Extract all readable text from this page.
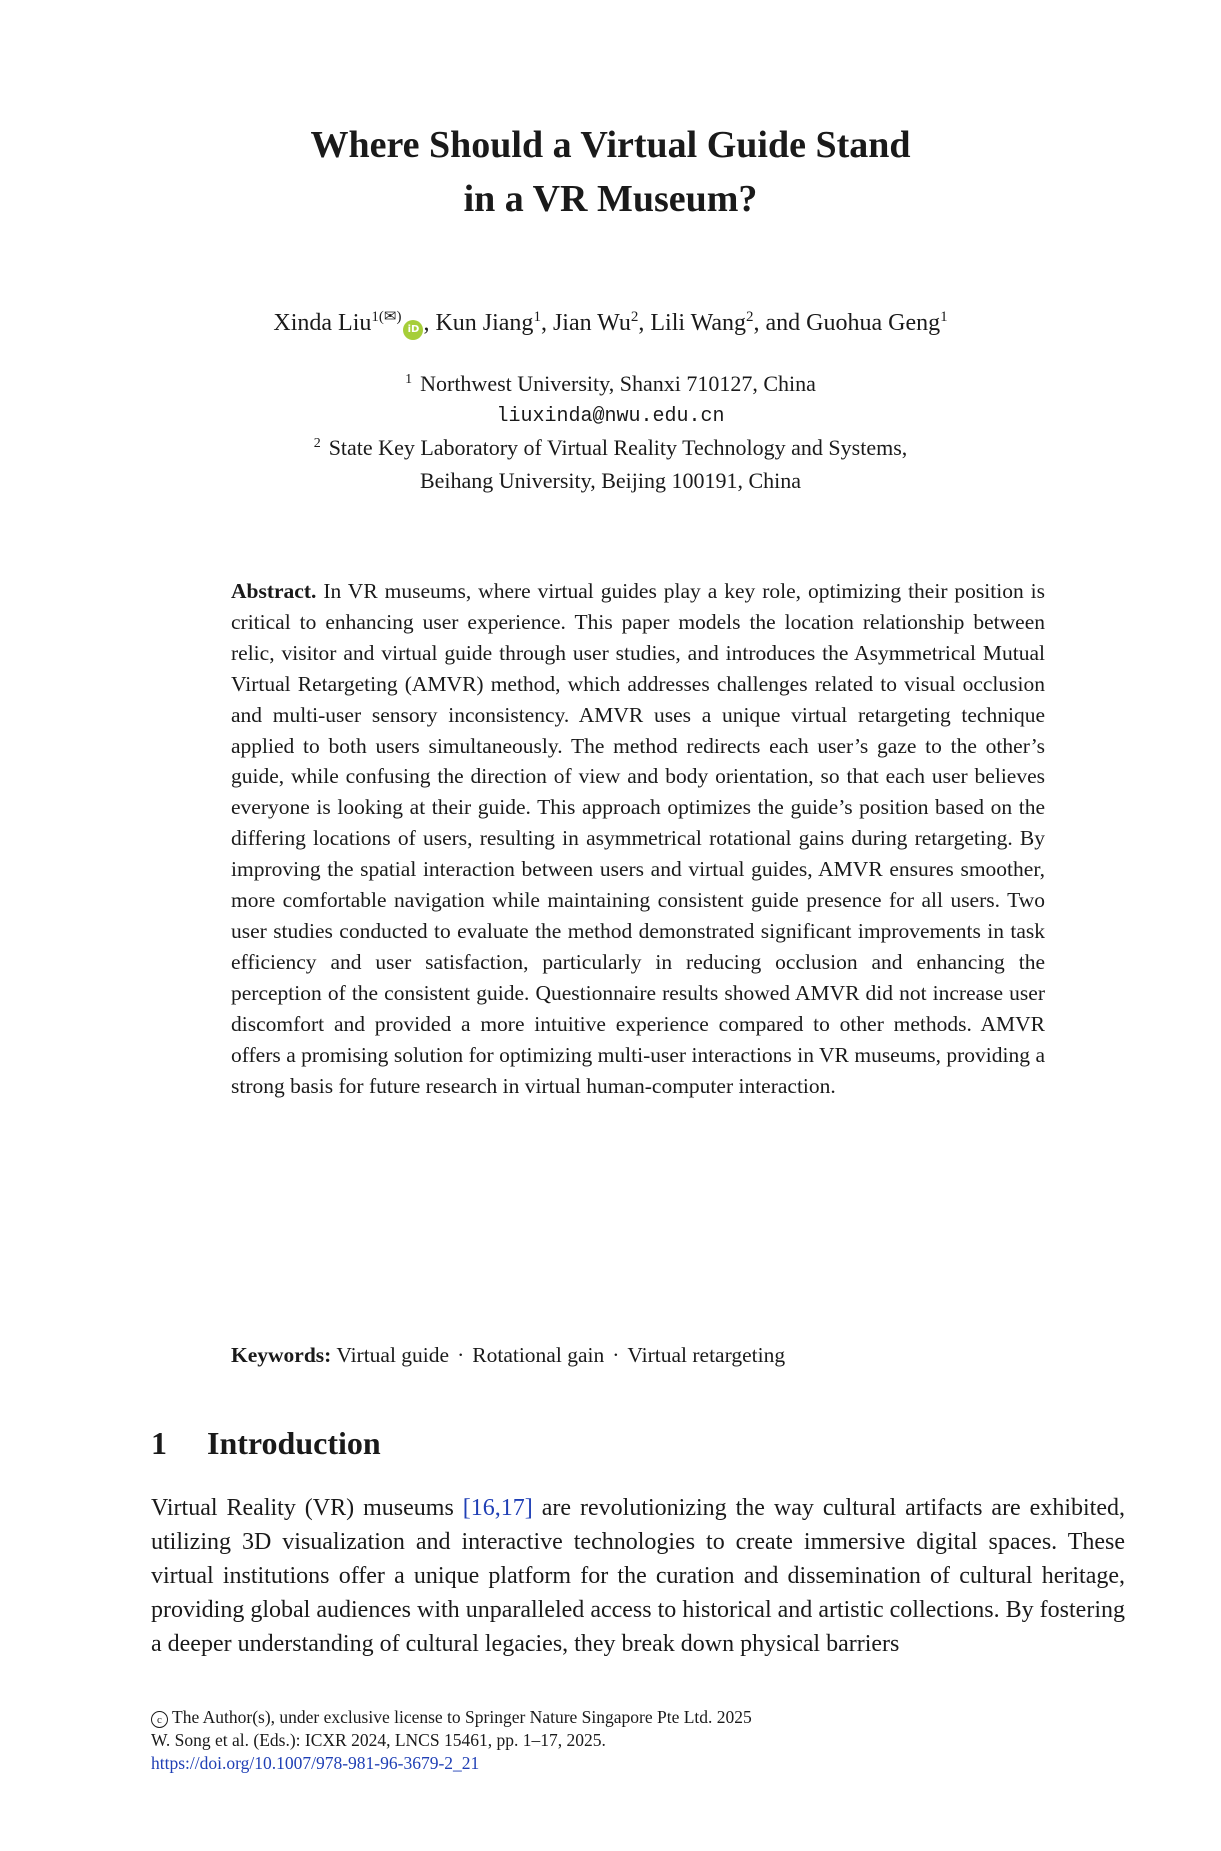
Where Should a Virtual Guide Stand
in a VR Museum?
Xinda Liu$^{1(✉)}$iD , Kun Jiang$^1$, Jian Wu$^2$, Lili Wang$^2$, and Guohua Geng$^1$
$^1$ Northwest University, Shanxi 710127, China
liuxinda@nwu.edu.cn
$^2$ State Key Laboratory of Virtual Reality Technology and Systems,
Beihang University, Beijing 100191, China
Abstract. In VR museums, where virtual guides play a key role, optimizing their position is critical to enhancing user experience. This paper models the location relationship between relic, visitor and virtual guide through user studies, and introduces the Asymmetrical Mutual Virtual Retargeting (AMVR) method, which addresses challenges related to visual occlusion and multi-user sensory inconsistency. AMVR uses a unique virtual retargeting technique applied to both users simultaneously. The method redirects each user’s gaze to the other’s guide, while confusing the direction of view and body orientation, so that each user believes everyone is looking at their guide. This approach optimizes the guide’s position based on the differing locations of users, resulting in asymmetrical rotational gains during retargeting. By improving the spatial interaction between users and virtual guides, AMVR ensures smoother, more comfortable navigation while maintaining consistent guide presence for all users. Two user studies conducted to evaluate the method demonstrated significant improvements in task efficiency and user satisfaction, particularly in reducing occlusion and enhancing the perception of the consistent guide. Questionnaire results showed AMVR did not increase user discomfort and provided a more intuitive experience compared to other methods. AMVR offers a promising solution for optimizing multi-user interactions in VR museums, providing a strong basis for future research in virtual human-computer interaction.
Keywords: Virtual guide · Rotational gain · Virtual retargeting
1 Introduction
Virtual Reality (VR) museums [16,17] are revolutionizing the way cultural artifacts are exhibited, utilizing 3D visualization and interactive technologies to create immersive digital spaces. These virtual institutions offer a unique platform for the curation and dissemination of cultural heritage, providing global audiences with unparalleled access to historical and artistic collections. By fostering a deeper understanding of cultural legacies, they break down physical barriers
c The Author(s), under exclusive license to Springer Nature Singapore Pte Ltd. 2025
W. Song et al. (Eds.): ICXR 2024, LNCS 15461, pp. 1–17, 2025.
https://doi.org/10.1007/978-981-96-3679-2_21
